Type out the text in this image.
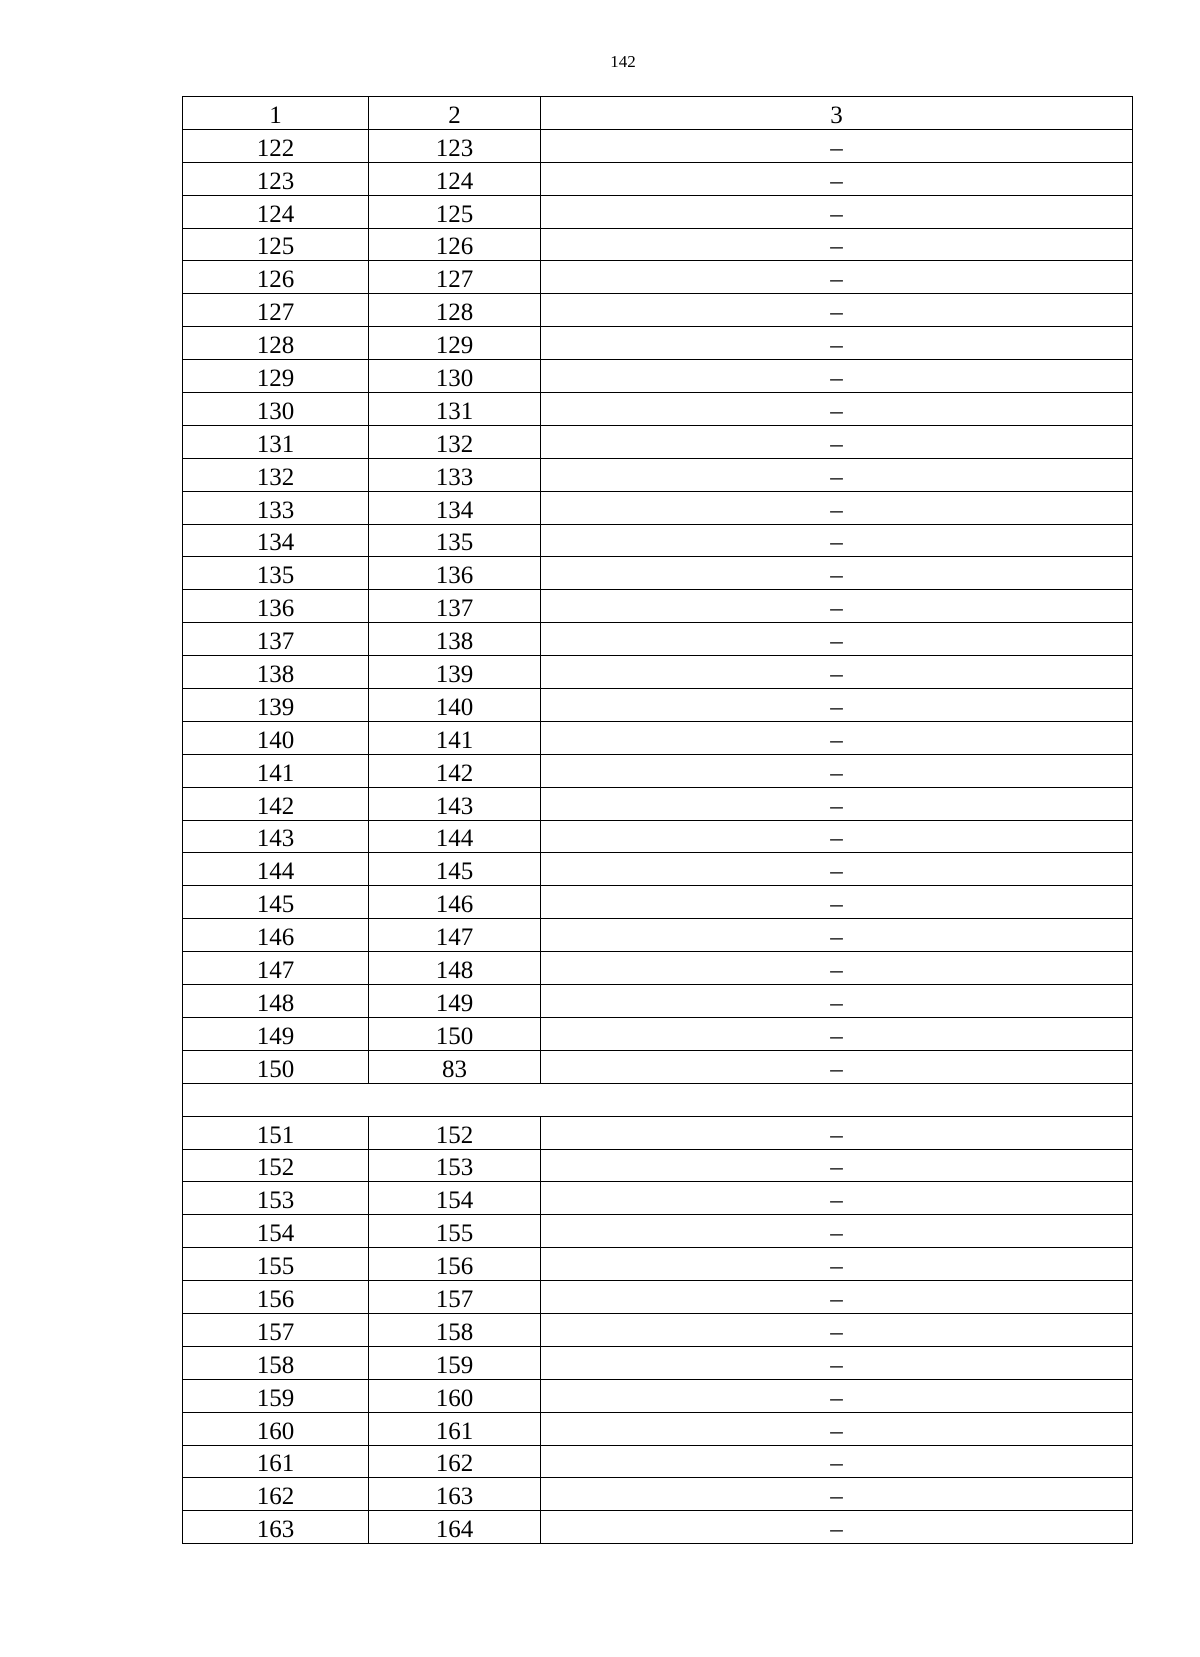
142
1	2	3
122	123	–
123	124	–
124	125	–
125	126	–
126	127	–
127	128	–
128	129	–
129	130	–
130	131	–
131	132	–
132	133	–
133	134	–
134	135	–
135	136	–
136	137	–
137	138	–
138	139	–
139	140	–
140	141	–
141	142	–
142	143	–
143	144	–
144	145	–
145	146	–
146	147	–
147	148	–
148	149	–
149	150	–
150	83	–

151	152	–
152	153	–
153	154	–
154	155	–
155	156	–
156	157	–
157	158	–
158	159	–
159	160	–
160	161	–
161	162	–
162	163	–
163	164	–
